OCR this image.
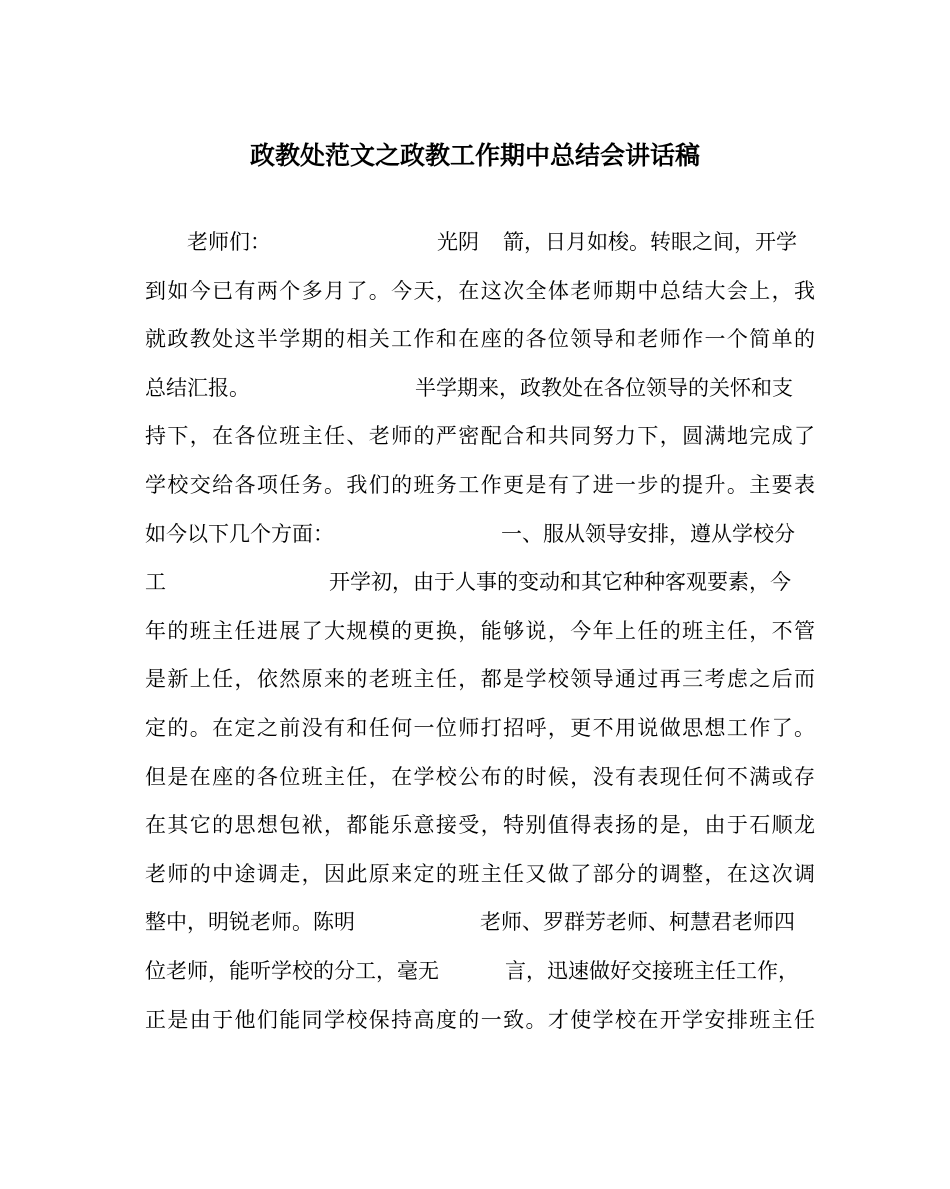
政教处范文之政教工作期中总结会讲话稿
老师们：	光阴 箭，日月如梭。转眼之间，开学
到如今已有两个多月了。今天，在这次全体老师期中总结大会上，我
就政教处这半学期的相关工作和在座的各位领导和老师作一个简单的
总结汇报。	半学期来，政教处在各位领导的关怀和支
持下，在各位班主任、老师的严密配合和共同努力下，圆满地完成了
学校交给各项任务。我们的班务工作更是有了进一步的提升。主要表
如今以下几个方面：	一、服从领导安排，遵从学校分
工	开学初，由于人事的变动和其它种种客观要素，今
年的班主任进展了大规模的更换，能够说，今年上任的班主任，不管
是新上任，依然原来的老班主任，都是学校领导通过再三考虑之后而
定的。在定之前没有和任何一位师打招呼，更不用说做思想工作了。
但是在座的各位班主任，在学校公布的时候，没有表现任何不满或存
在其它的思想包袱，都能乐意接受，特别值得表扬的是，由于石顺龙
老师的中途调走，因此原来定的班主任又做了部分的调整，在这次调
整中，明锐老师。陈明	老师、罗群芳老师、柯慧君老师四
位老师，能听学校的分工，毫无	言，迅速做好交接班主任工作，
正是由于他们能同学校保持高度的一致。才使学校在开学安排班主任
